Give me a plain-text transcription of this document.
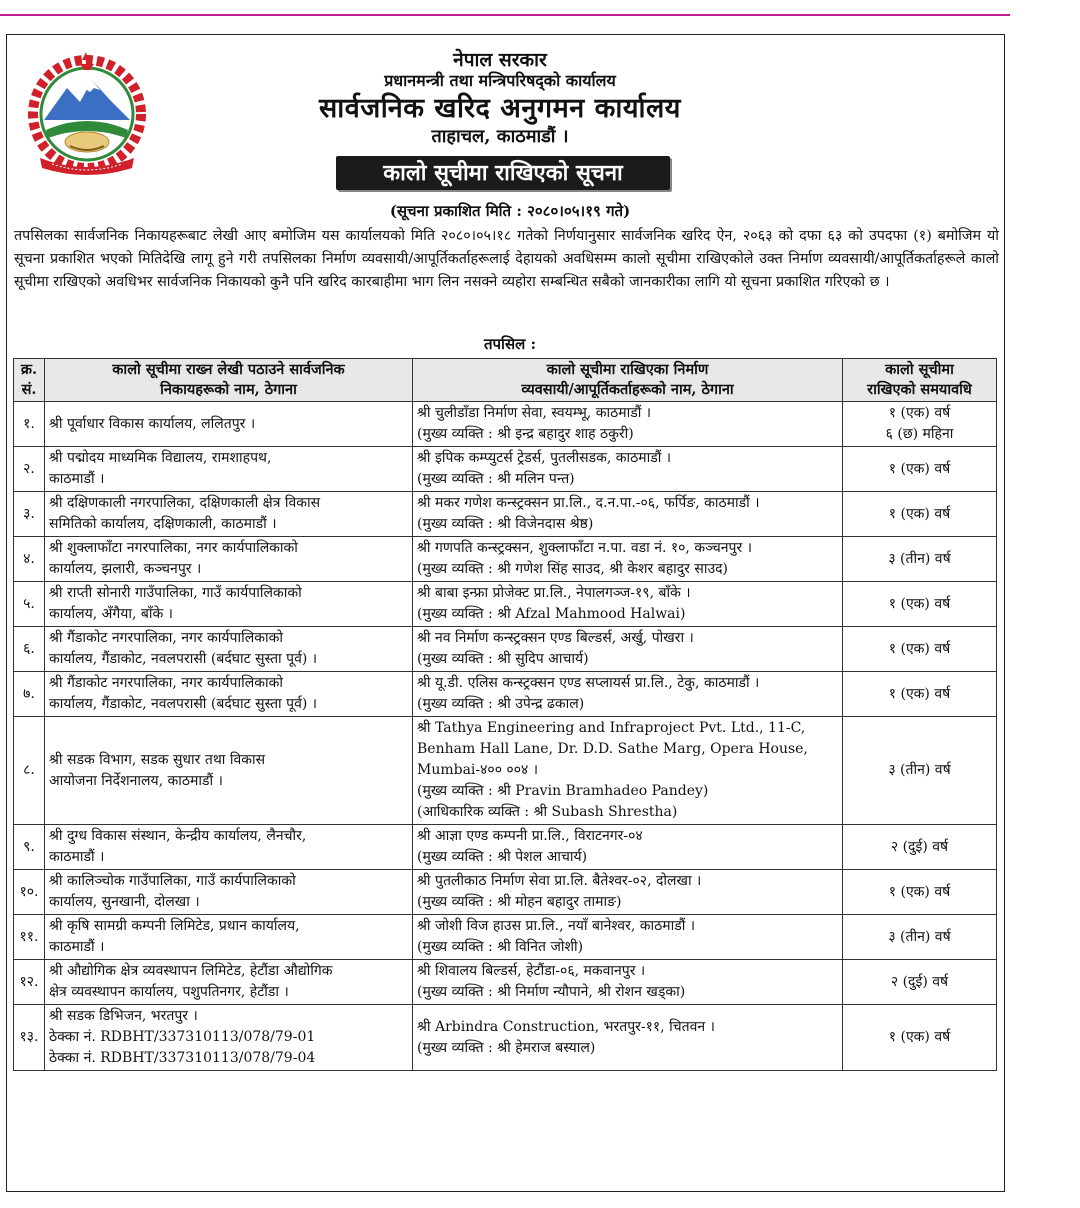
नेपाल सरकार
प्रधानमन्त्री तथा मन्त्रिपरिषद्को कार्यालय
सार्वजनिक खरिद अनुगमन कार्यालय
ताहाचल, काठमाडौं ।
कालो सूचीमा राखिएको सूचना
(सूचना प्रकाशित मिति : २०८०।०५।१९ गते)
तपसिलका सार्वजनिक निकायहरूबाट लेखी आए बमोजिम यस कार्यालयको मिति २०८०।०५।१८ गतेको निर्णयानुसार सार्वजनिक खरिद ऐन, २०६३ को दफा ६३ को उपदफा (१) बमोजिम यो सूचना प्रकाशित भएको मितिदेखि लागू हुने गरी तपसिलका निर्माण व्यवसायी/आपूर्तिकर्ताहरूलाई देहायको अवधिसम्म कालो सूचीमा राखिएकोले उक्त निर्माण व्यवसायी/आपूर्तिकर्ताहरूले कालो सूचीमा राखिएको अवधिभर सार्वजनिक निकायको कुनै पनि खरिद कारबाहीमा भाग लिन नसक्ने व्यहोरा सम्बन्धित सबैको जानकारीका लागि यो सूचना प्रकाशित गरिएको छ ।
तपसिल :
क्र.
सं.	कालो सूचीमा राख्न लेखी पठाउने सार्वजनिक
निकायहरूको नाम, ठेगाना	कालो सूचीमा राखिएका निर्माण
व्यवसायी/आपूर्तिकर्ताहरूको नाम, ठेगाना	कालो सूचीमा
राखिएको समयावधि
१.	श्री पूर्वाधार विकास कार्यालय, ललितपुर ।	श्री चुलीडाँडा निर्माण सेवा, स्वयम्भू, काठमाडौं ।
(मुख्य व्यक्ति : श्री इन्द्र बहादुर शाह ठकुरी)	१ (एक) वर्ष
६ (छ) महिना
२.	श्री पद्मोदय माध्यमिक विद्यालय, रामशाहपथ,
काठमाडौं ।	श्री इपिक कम्प्युटर्स ट्रेडर्स, पुतलीसडक, काठमाडौं ।
(मुख्य व्यक्ति : श्री मलिन पन्त)	१ (एक) वर्ष
३.	श्री दक्षिणकाली नगरपालिका, दक्षिणकाली क्षेत्र विकास
समितिको कार्यालय, दक्षिणकाली, काठमाडौं ।	श्री मकर गणेश कन्स्ट्रक्सन प्रा.लि., द.न.पा.-०६, फर्पिङ, काठमाडौं ।
(मुख्य व्यक्ति : श्री विजेनदास श्रेष्ठ)	१ (एक) वर्ष
४.	श्री शुक्लाफाँटा नगरपालिका, नगर कार्यपालिकाको
कार्यालय, झलारी, कञ्चनपुर ।	श्री गणपति कन्स्ट्रक्सन, शुक्लाफाँटा न.पा. वडा नं. १०, कञ्चनपुर ।
(मुख्य व्यक्ति : श्री गणेश सिंह साउद, श्री केशर बहादुर साउद)	३ (तीन) वर्ष
५.	श्री राप्ती सोनारी गाउँपालिका, गाउँ कार्यपालिकाको
कार्यालय, अँगैया, बाँके ।	श्री बाबा इन्फ्रा प्रोजेक्ट प्रा.लि., नेपालगञ्ज-१९, बाँके ।
(मुख्य व्यक्ति : श्री Afzal Mahmood Halwai)	१ (एक) वर्ष
६.	श्री गैंडाकोट नगरपालिका, नगर कार्यपालिकाको
कार्यालय, गैंडाकोट, नवलपरासी (बर्दघाट सुस्ता पूर्व) ।	श्री नव निर्माण कन्स्ट्रक्सन एण्ड बिल्डर्स, अर्खु, पोखरा ।
(मुख्य व्यक्ति : श्री सुदिप आचार्य)	१ (एक) वर्ष
७.	श्री गैंडाकोट नगरपालिका, नगर कार्यपालिकाको
कार्यालय, गैंडाकोट, नवलपरासी (बर्दघाट सुस्ता पूर्व) ।	श्री यू.डी. एलिस कन्स्ट्रक्सन एण्ड सप्लायर्स प्रा.लि., टेकु, काठमाडौं ।
(मुख्य व्यक्ति : श्री उपेन्द्र ढकाल)	१ (एक) वर्ष
८.	श्री सडक विभाग, सडक सुधार तथा विकास
आयोजना निर्देशनालय, काठमाडौं ।	श्री Tathya Engineering and Infraproject Pvt. Ltd., 11-C,
Benham Hall Lane, Dr. D.D. Sathe Marg, Opera House,
Mumbai-४०० ००४ ।
(मुख्य व्यक्ति : श्री Pravin Bramhadeo Pandey)
(आधिकारिक व्यक्ति : श्री Subash Shrestha)	३ (तीन) वर्ष
९.	श्री दुग्ध विकास संस्थान, केन्द्रीय कार्यालय, लैनचौर,
काठमाडौं ।	श्री आज्ञा एण्ड कम्पनी प्रा.लि., विराटनगर-०४
(मुख्य व्यक्ति : श्री पेशल आचार्य)	२ (दुई) वर्ष
१०.	श्री कालिञ्चोक गाउँपालिका, गाउँ कार्यपालिकाको
कार्यालय, सुनखानी, दोलखा ।	श्री पुतलीकाठ निर्माण सेवा प्रा.लि. बैतेश्वर-०२, दोलखा ।
(मुख्य व्यक्ति : श्री मोहन बहादुर तामाङ)	१ (एक) वर्ष
११.	श्री कृषि सामग्री कम्पनी लिमिटेड, प्रधान कार्यालय,
काठमाडौं ।	श्री जोशी विज हाउस प्रा.लि., नयाँ बानेश्वर, काठमाडौं ।
(मुख्य व्यक्ति : श्री विनित जोशी)	३ (तीन) वर्ष
१२.	श्री औद्योगिक क्षेत्र व्यवस्थापन लिमिटेड, हेटौंडा औद्योगिक
क्षेत्र व्यवस्थापन कार्यालय, पशुपतिनगर, हेटौंडा ।	श्री शिवालय बिल्डर्स, हेटौंडा-०६, मकवानपुर ।
(मुख्य व्यक्ति : श्री निर्माण न्यौपाने, श्री रोशन खड्का)	२ (दुई) वर्ष
१३.	श्री सडक डिभिजन, भरतपुर ।
ठेक्का नं. RDBHT/337310113/078/79-01
ठेक्का नं. RDBHT/337310113/078/79-04	श्री Arbindra Construction, भरतपुर-११, चितवन ।
(मुख्य व्यक्ति : श्री हेमराज बस्याल)	१ (एक) वर्ष
